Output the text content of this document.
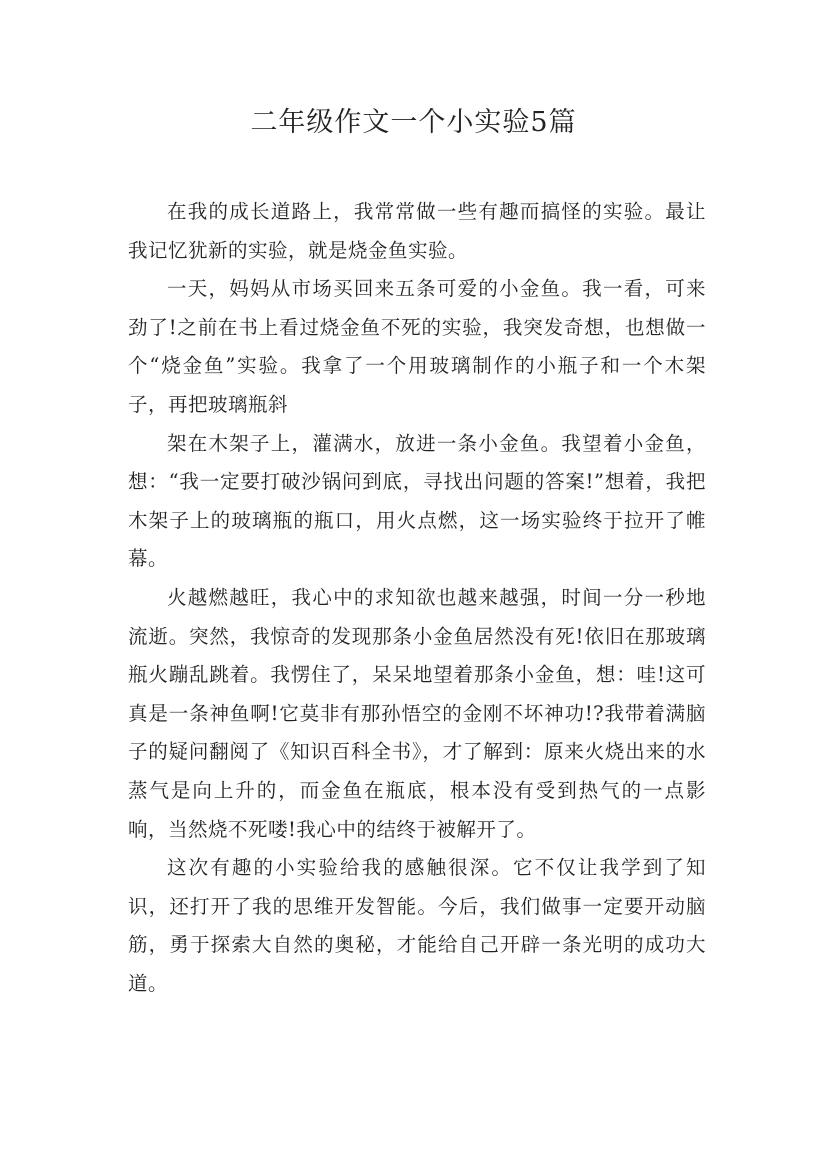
二年级作文一个小实验5篇

在我的成长道路上，我常常做一些有趣而搞怪的实验。最让我记忆犹新的实验，就是烧金鱼实验。

一天，妈妈从市场买回来五条可爱的小金鱼。我一看，可来劲了!之前在书上看过烧金鱼不死的实验，我突发奇想，也想做一个“烧金鱼”实验。我拿了一个用玻璃制作的小瓶子和一个木架子，再把玻璃瓶斜

架在木架子上，灌满水，放进一条小金鱼。我望着小金鱼，想：“我一定要打破沙锅问到底，寻找出问题的答案!”想着，我把木架子上的玻璃瓶的瓶口，用火点燃，这一场实验终于拉开了帷幕。

火越燃越旺，我心中的求知欲也越来越强，时间一分一秒地流逝。突然，我惊奇的发现那条小金鱼居然没有死!依旧在那玻璃瓶火蹦乱跳着。我愣住了，呆呆地望着那条小金鱼，想：哇!这可真是一条神鱼啊!它莫非有那孙悟空的金刚不坏神功!?我带着满脑子的疑问翻阅了《知识百科全书》，才了解到：原来火烧出来的水蒸气是向上升的，而金鱼在瓶底，根本没有受到热气的一点影响，当然烧不死喽!我心中的结终于被解开了。

这次有趣的小实验给我的感触很深。它不仅让我学到了知识，还打开了我的思维开发智能。今后，我们做事一定要开动脑筋，勇于探索大自然的奥秘，才能给自己开辟一条光明的成功大道。
